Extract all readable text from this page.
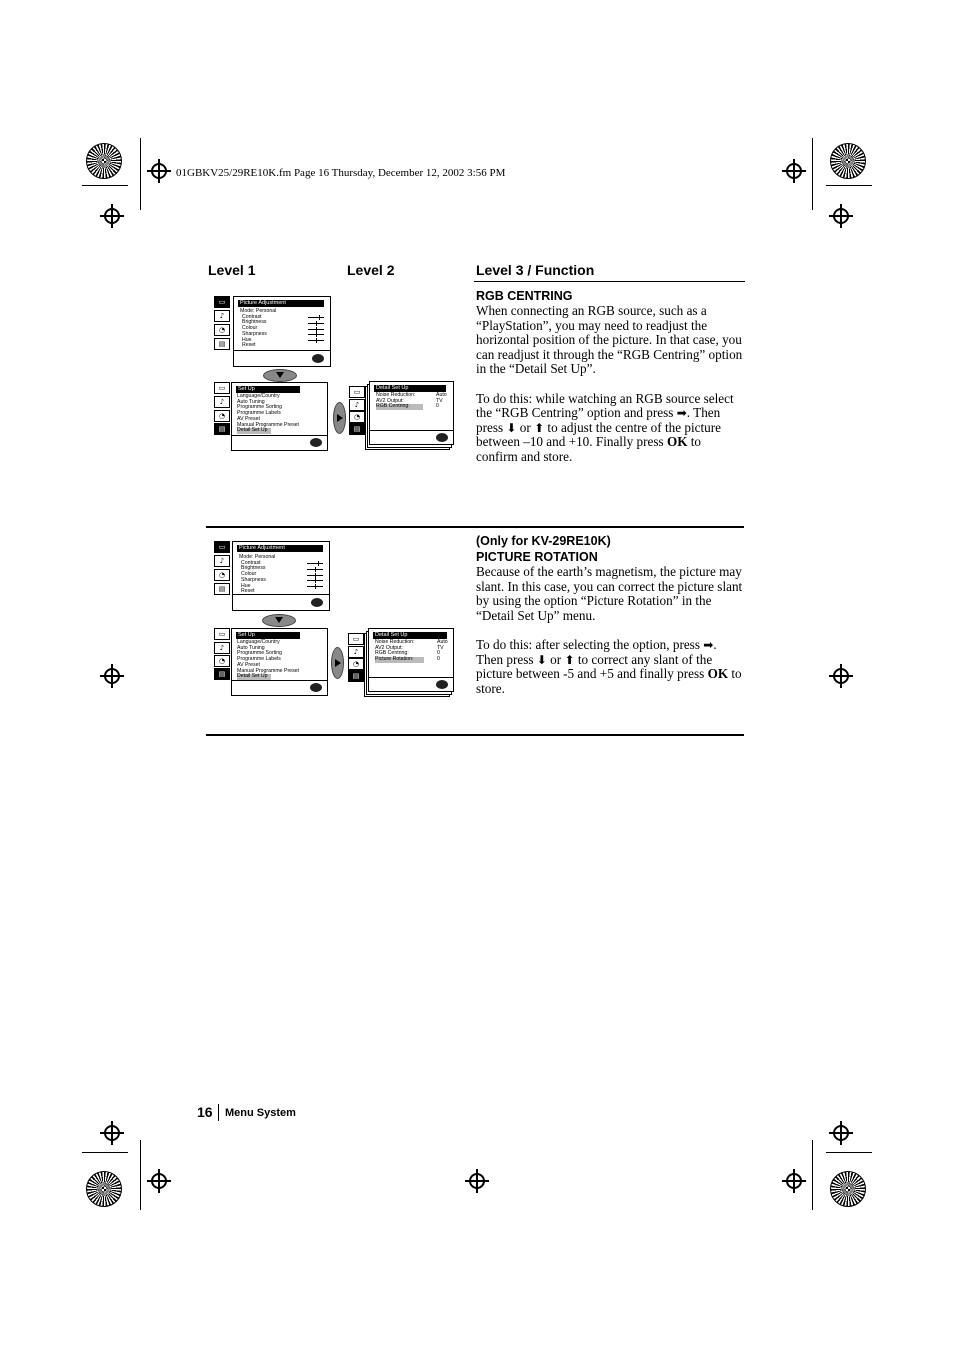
01GBKV25/29RE10K.fm Page 16 Thursday, December 12, 2002 3:56 PM
Level 1	Level 2	Level 3 / Function
▭
♪
◔
▤
Picture Adjustment
Mode: Personal
Contrast
Brightness
Colour
Sharpness
Hue
Reset
▭
♪
◔
▤
Set Up
Language/Country
Auto Tuning
Programme Sorting
Programme Labels
AV Preset
Manual Programme Preset
Detail Set Up
▭
♪
◔
▤
Detail Set Up
Noise Reduction:
AV2 Output:
RGB Centring:
Auto
TV
0
RGB CENTRING

When connecting an RGB source, such as a “PlayStation”, you may need to readjust the horizontal position of the picture. In that case, you can readjust it through the “RGB Centring” option in the “Detail Set Up”.

To do this: while watching an RGB source select the “RGB Centring” option and press ➡. Then press ⬇ or ⬆ to adjust the centre of the picture between –10 and +10. Finally press OK to confirm and store.

▭
♪
◔
▤
Picture Adjustment
Mode: Personal
Contrast
Brightness
Colour
Sharpness
Hue
Reset
▭
♪
◔
▤
Set Up
Language/Country
Auto Tuning
Programme Sorting
Programme Labels
AV Preset
Manual Programme Preset
Detail Set Up
▭
♪
◔
▤
Detail Set Up
Noise Reduction:
AV2 Output:
RGB Centring:
Picture Rotation:
Auto
TV
0
0
(Only for KV-29RE10K)
PICTURE ROTATION

Because of the earth’s magnetism, the picture may slant. In this case, you can correct the picture slant by using the option “Picture Rotation” in the “Detail Set Up” menu.

To do this: after selecting the option, press ➡. Then press ⬇ or ⬆ to correct any slant of the picture between -5 and +5 and finally press OK to store.

16 Menu System
